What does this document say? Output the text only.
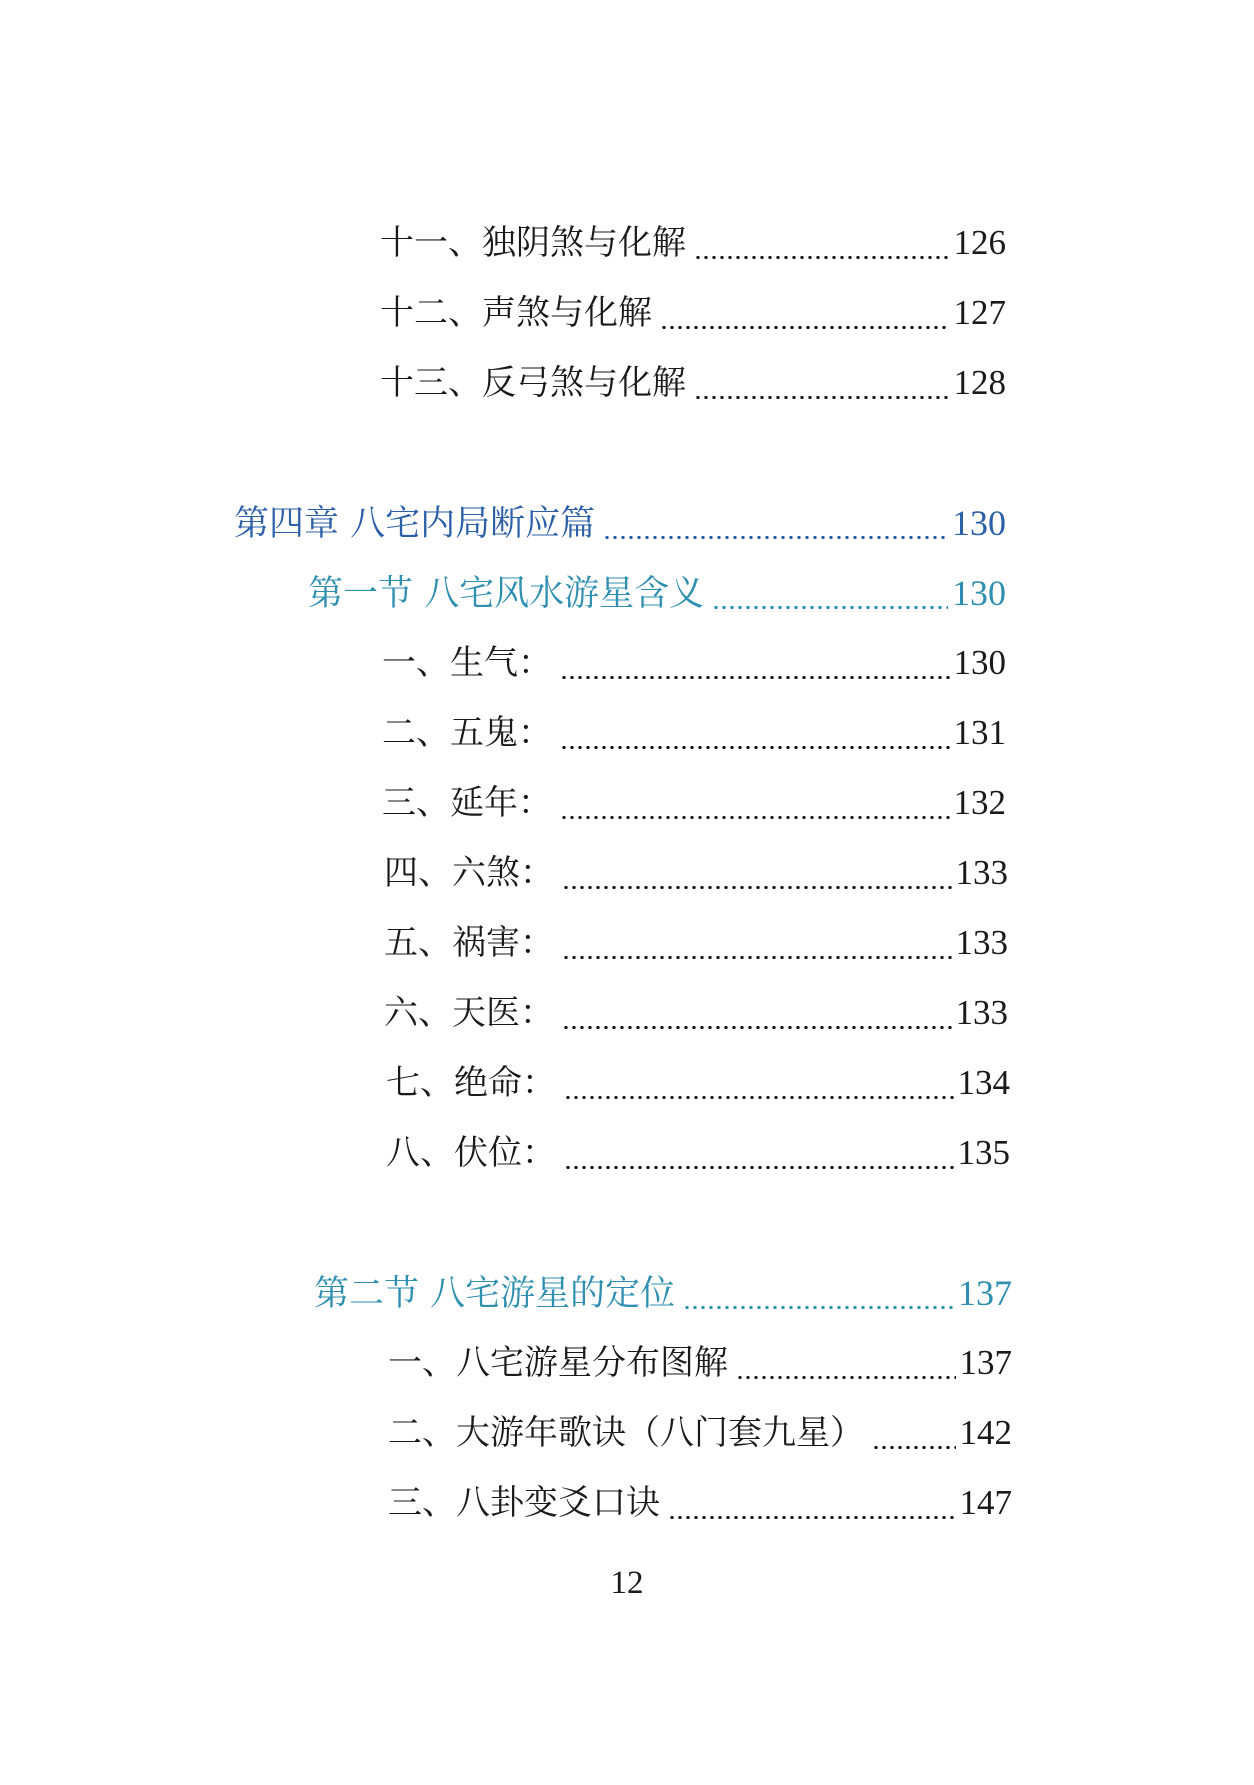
十一、独阴煞与化解	126
十二、声煞与化解	127
十三、反弓煞与化解	128
第四章 八宅内局断应篇	130
第一节 八宅风水游星含义	130
一、生气：	130
二、五鬼：	131
三、延年：	132
四、六煞：	133
五、祸害：	133
六、天医：	133
七、绝命：	134
八、伏位：	135
第二节 八宅游星的定位	137
一、八宅游星分布图解	137
二、大游年歌诀（八门套九星）	142
三、八卦变爻口诀	147
12
